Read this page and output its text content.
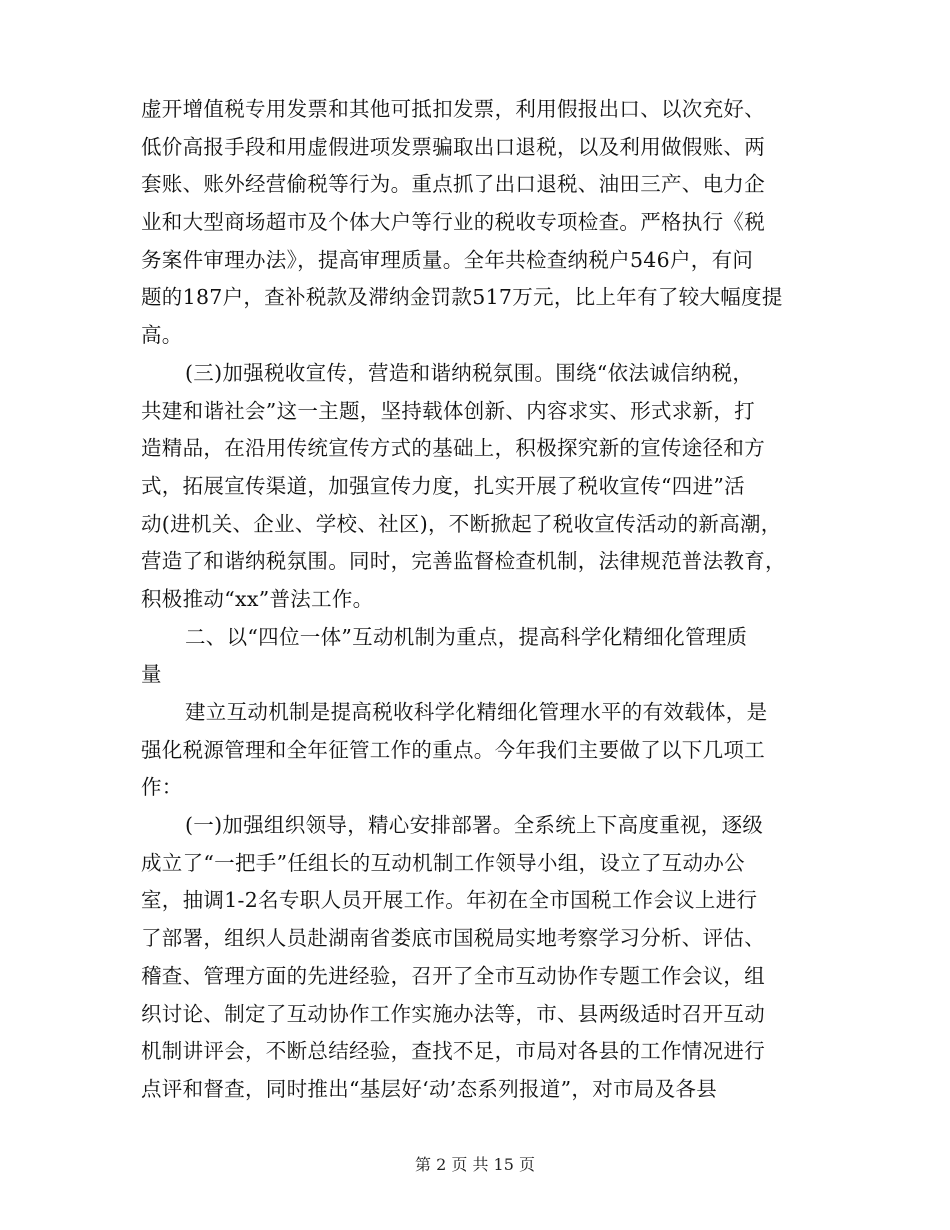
虚开增值税专用发票和其他可抵扣发票，利用假报出口、以次充好、
低价高报手段和用虚假进项发票骗取出口退税，以及利用做假账、两
套账、账外经营偷税等行为。重点抓了出口退税、油田三产、电力企
业和大型商场超市及个体大户等行业的税收专项检查。严格执行《税
务案件审理办法》，提高审理质量。全年共检查纳税户546户，有问
题的187户，查补税款及滞纳金罚款517万元，比上年有了较大幅度提
高。
(三)加强税收宣传，营造和谐纳税氛围。围绕“依法诚信纳税，
共建和谐社会”这一主题，坚持载体创新、内容求实、形式求新，打
造精品，在沿用传统宣传方式的基础上，积极探究新的宣传途径和方
式，拓展宣传渠道，加强宣传力度，扎实开展了税收宣传“四进”活
动(进机关、企业、学校、社区)，不断掀起了税收宣传活动的新高潮，
营造了和谐纳税氛围。同时，完善监督检查机制，法律规范普法教育，
积极推动“xx”普法工作。
二、以“四位一体”互动机制为重点，提高科学化精细化管理质
量
建立互动机制是提高税收科学化精细化管理水平的有效载体，是
强化税源管理和全年征管工作的重点。今年我们主要做了以下几项工
作：
(一)加强组织领导，精心安排部署。全系统上下高度重视，逐级
成立了“一把手”任组长的互动机制工作领导小组，设立了互动办公
室，抽调1-2名专职人员开展工作。年初在全市国税工作会议上进行
了部署，组织人员赴湖南省娄底市国税局实地考察学习分析、评估、
稽查、管理方面的先进经验，召开了全市互动协作专题工作会议，组
织讨论、制定了互动协作工作实施办法等，市、县两级适时召开互动
机制讲评会，不断总结经验，查找不足，市局对各县的工作情况进行
点评和督查，同时推出“基层好‘动’态系列报道”，对市局及各县
第 2 页 共 15 页
